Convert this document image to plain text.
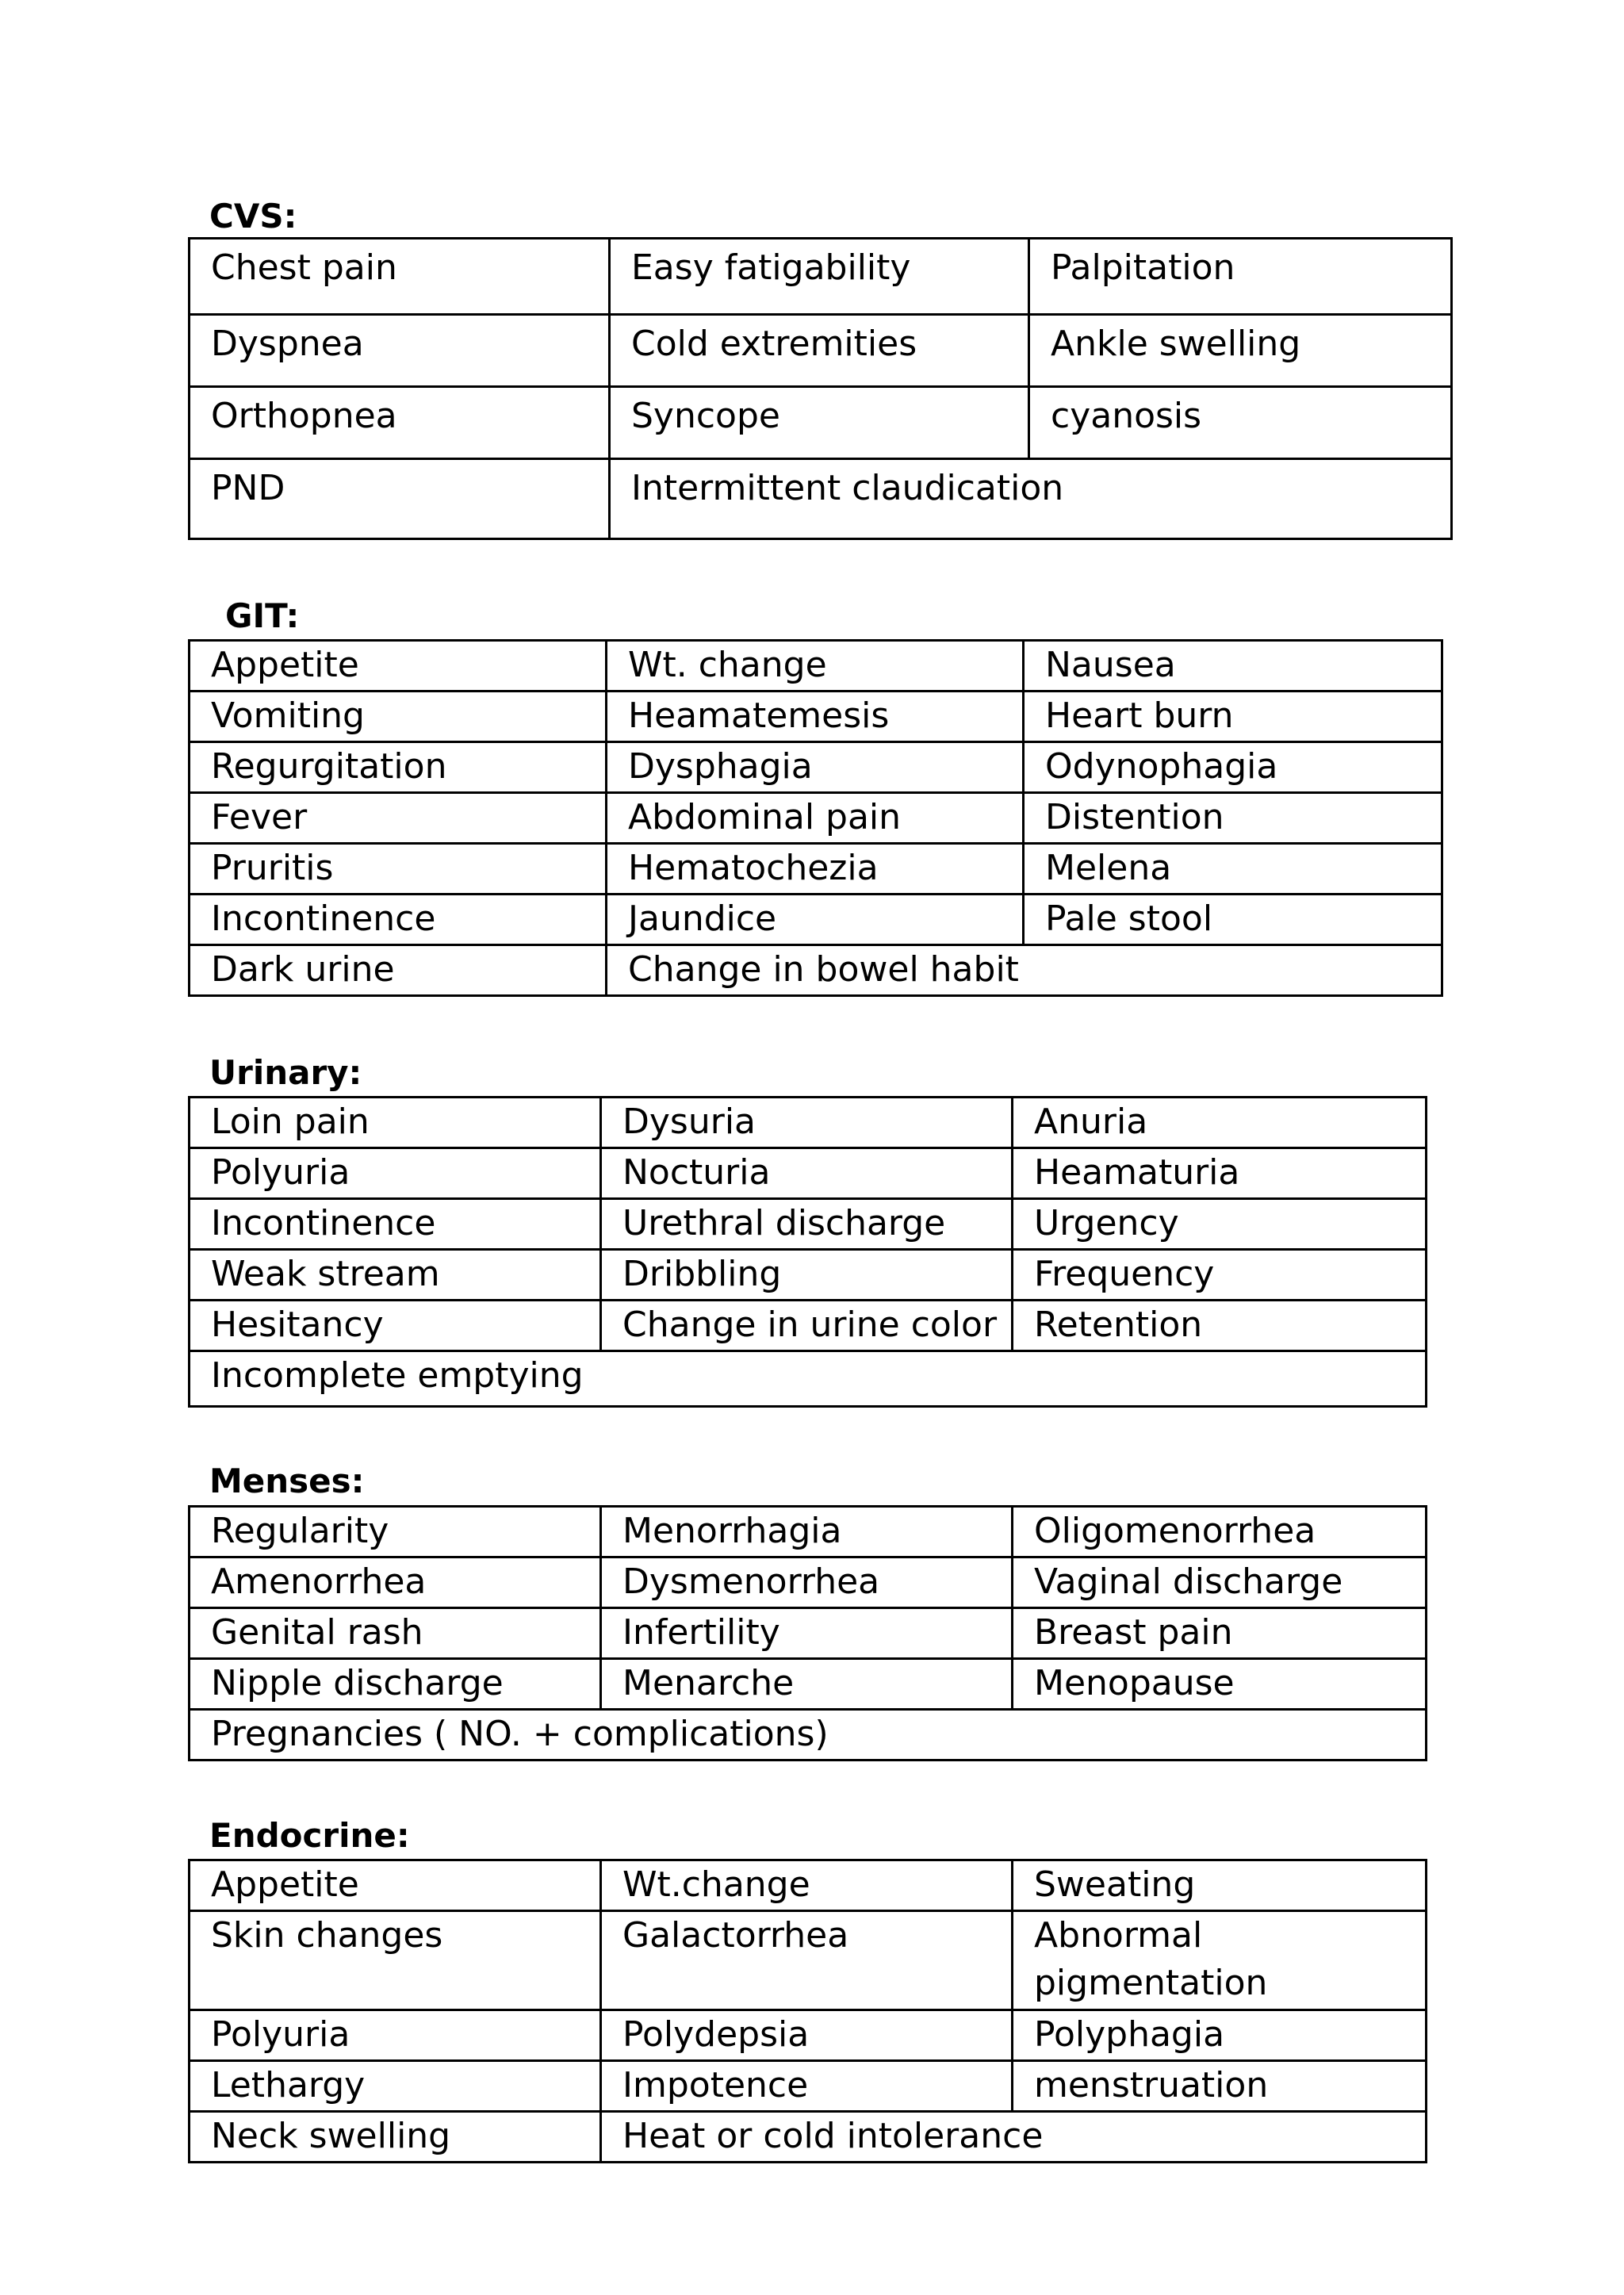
CVS:
Chest pain	Easy fatigability	Palpitation
Dyspnea	Cold extremities	Ankle swelling
Orthopnea	Syncope	cyanosis
PND	Intermittent claudication	
GIT:
Appetite	Wt. change	Nausea
Vomiting	Heamatemesis	Heart burn
Regurgitation	Dysphagia	Odynophagia
Fever	Abdominal pain	Distention
Pruritis	Hematochezia	Melena
Incontinence	Jaundice	Pale stool
Dark urine	Change in bowel habit	
Urinary:
Loin pain	Dysuria	Anuria
Polyuria	Nocturia	Heamaturia
Incontinence	Urethral discharge	Urgency
Weak stream	Dribbling	Frequency
Hesitancy	Change in urine color	Retention
Incomplete emptying		
Menses:
Regularity	Menorrhagia	Oligomenorrhea
Amenorrhea	Dysmenorrhea	Vaginal discharge
Genital rash	Infertility	Breast pain
Nipple discharge	Menarche	Menopause
Pregnancies ( NO. + complications)		
Endocrine:
Appetite	Wt.change	Sweating
Skin changes	Galactorrhea	Abnormal pigmentation
Polyuria	Polydepsia	Polyphagia
Lethargy	Impotence	menstruation
Neck swelling	Heat or cold intolerance	
